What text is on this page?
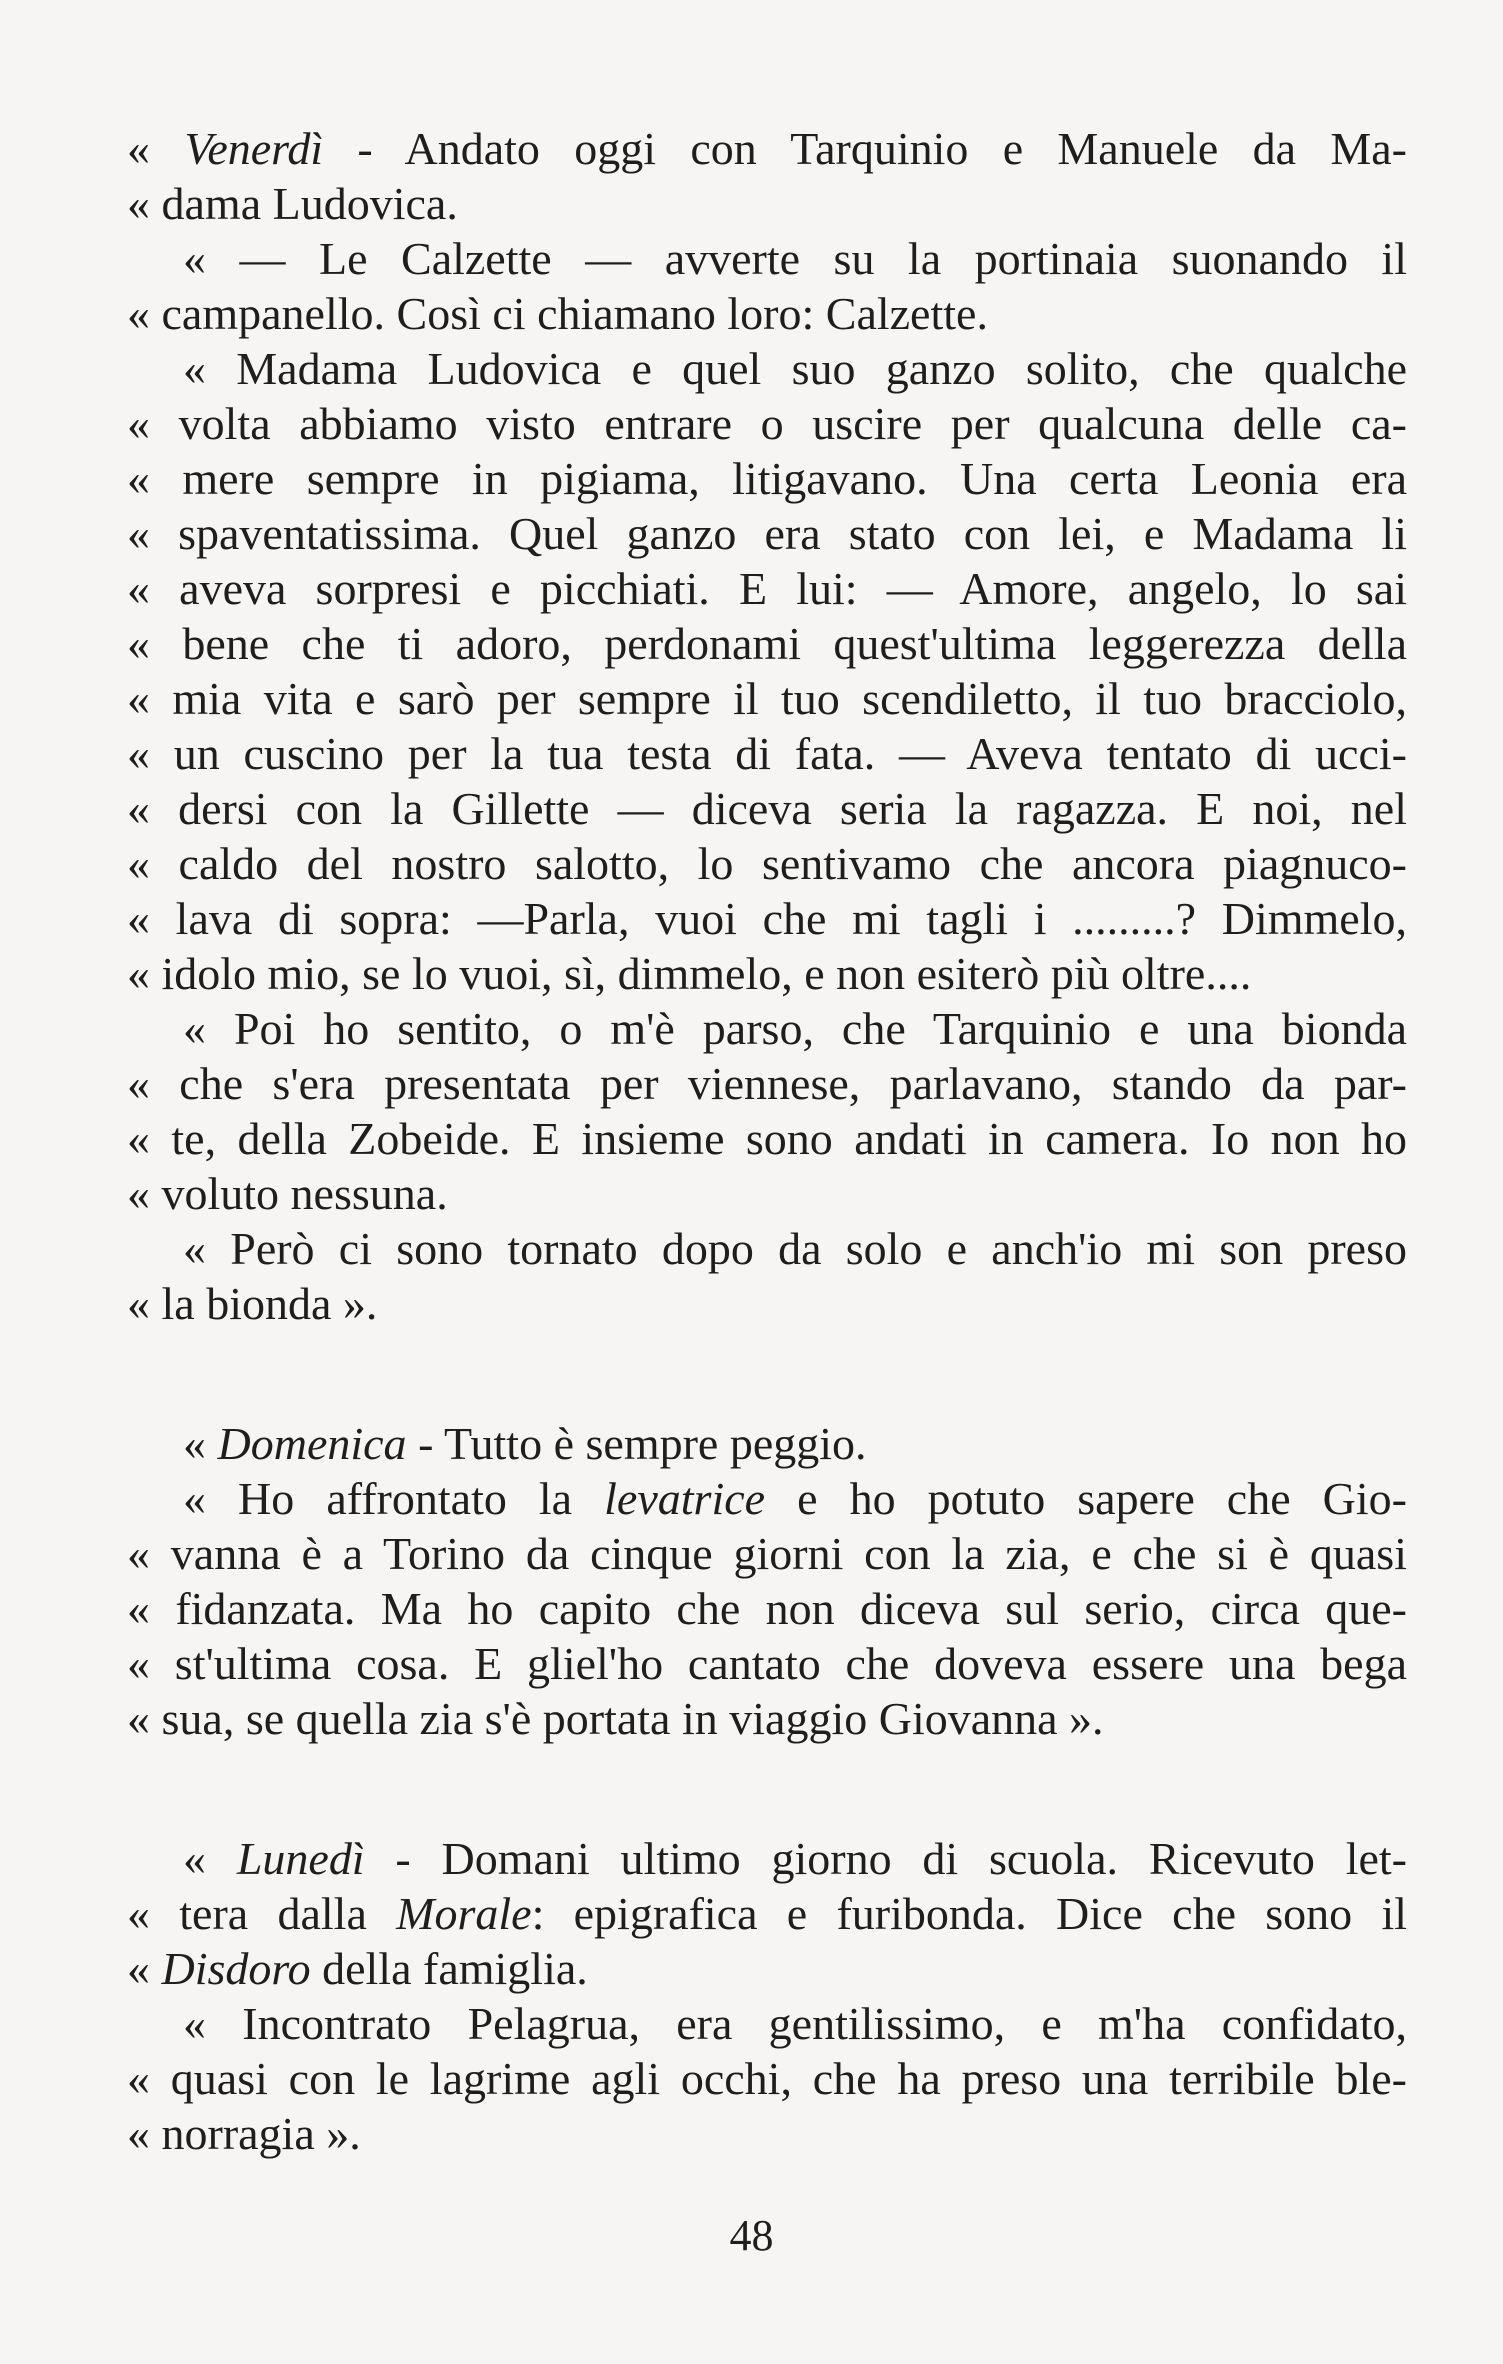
« Venerdì - Andato oggi con Tarquinio e Manuele da Ma-
« dama Ludovica.
« — Le Calzette — avverte su la portinaia suonando il
« campanello. Così ci chiamano loro: Calzette.
« Madama Ludovica e quel suo ganzo solito, che qualche
« volta abbiamo visto entrare o uscire per qualcuna delle ca-
« mere sempre in pigiama, litigavano. Una certa Leonia era
« spaventatissima. Quel ganzo era stato con lei, e Madama li
« aveva sorpresi e picchiati. E lui: — Amore, angelo, lo sai
« bene che ti adoro, perdonami quest'ultima leggerezza della
« mia vita e sarò per sempre il tuo scendiletto, il tuo bracciolo,
« un cuscino per la tua testa di fata. — Aveva tentato di ucci-
« dersi con la Gillette — diceva seria la ragazza. E noi, nel
« caldo del nostro salotto, lo sentivamo che ancora piagnuco-
« lava di sopra: —Parla, vuoi che mi tagli i .........? Dimmelo,
« idolo mio, se lo vuoi, sì, dimmelo, e non esiterò più oltre....
« Poi ho sentito, o m'è parso, che Tarquinio e una bionda
« che s'era presentata per viennese, parlavano, stando da par-
« te, della Zobeide. E insieme sono andati in camera. Io non ho
« voluto nessuna.
« Però ci sono tornato dopo da solo e anch'io mi son preso
« la bionda ».
« Domenica - Tutto è sempre peggio.
« Ho affrontato la levatrice e ho potuto sapere che Gio-
« vanna è a Torino da cinque giorni con la zia, e che si è quasi
« fidanzata. Ma ho capito che non diceva sul serio, circa que-
« st'ultima cosa. E gliel'ho cantato che doveva essere una bega
« sua, se quella zia s'è portata in viaggio Giovanna ».
« Lunedì - Domani ultimo giorno di scuola. Ricevuto let-
« tera dalla Morale: epigrafica e furibonda. Dice che sono il
« Disdoro della famiglia.
« Incontrato Pelagrua, era gentilissimo, e m'ha confidato,
« quasi con le lagrime agli occhi, che ha preso una terribile ble-
« norragia ».
48
